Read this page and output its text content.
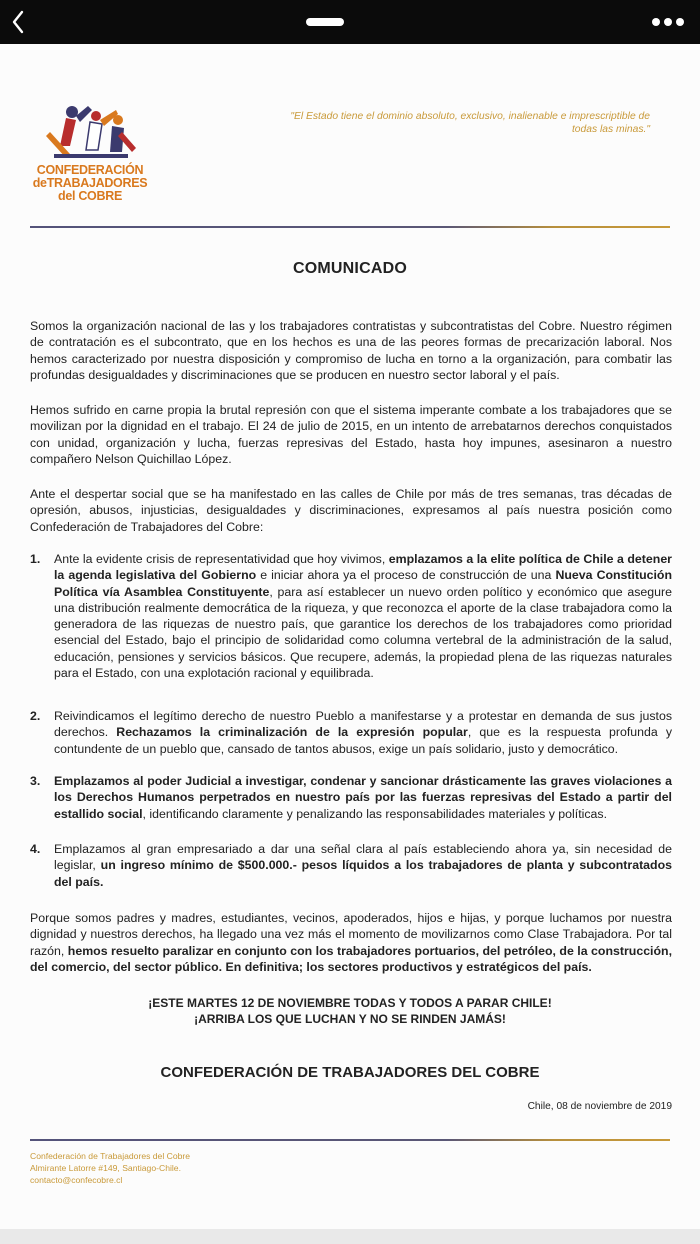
CONFEDERACIÓN
deTRABAJADORES
del COBRE
"El Estado tiene el dominio absoluto, exclusivo, inalienable e imprescriptible de
todas las minas."
COMUNICADO
Somos la organización nacional de las y los trabajadores contratistas y subcontratistas del Cobre. Nuestro régimen de contratación es el subcontrato, que en los hechos es una de las peores formas de precarización laboral. Nos hemos caracterizado por nuestra disposición y compromiso de lucha en torno a la organización, para combatir las profundas desigualdades y discriminaciones que se producen en nuestro sector laboral y el país.
Hemos sufrido en carne propia la brutal represión con que el sistema imperante combate a los trabajadores que se movilizan por la dignidad en el trabajo. El 24 de julio de 2015, en un intento de arrebatarnos derechos conquistados con unidad, organización y lucha, fuerzas represivas del Estado, hasta hoy impunes, asesinaron a nuestro compañero Nelson Quichillao López.
Ante el despertar social que se ha manifestado en las calles de Chile por más de tres semanas, tras décadas de opresión, abusos, injusticias, desigualdades y discriminaciones, expresamos al país nuestra posición como Confederación de Trabajadores del Cobre:
1. Ante la evidente crisis de representatividad que hoy vivimos, emplazamos a la elite política de Chile a detener la agenda legislativa del Gobierno e iniciar ahora ya el proceso de construcción de una Nueva Constitución Política vía Asamblea Constituyente, para así establecer un nuevo orden político y económico que asegure una distribución realmente democrática de la riqueza, y que reconozca el aporte de la clase trabajadora como la generadora de las riquezas de nuestro país, que garantice los derechos de los trabajadores como prioridad esencial del Estado, bajo el principio de solidaridad como columna vertebral de la administración de la salud, educación, pensiones y servicios básicos. Que recupere, además, la propiedad plena de las riquezas naturales para el Estado, con una explotación racional y equilibrada.
2. Reivindicamos el legítimo derecho de nuestro Pueblo a manifestarse y a protestar en demanda de sus justos derechos. Rechazamos la criminalización de la expresión popular, que es la respuesta profunda y contundente de un pueblo que, cansado de tantos abusos, exige un país solidario, justo y democrático.
3. Emplazamos al poder Judicial a investigar, condenar y sancionar drásticamente las graves violaciones a los Derechos Humanos perpetrados en nuestro país por las fuerzas represivas del Estado a partir del estallido social, identificando claramente y penalizando las responsabilidades materiales y políticas.
4. Emplazamos al gran empresariado a dar una señal clara al país estableciendo ahora ya, sin necesidad de legislar, un ingreso mínimo de $500.000.- pesos líquidos a los trabajadores de planta y subcontratados del país.
Porque somos padres y madres, estudiantes, vecinos, apoderados, hijos e hijas, y porque luchamos por nuestra dignidad y nuestros derechos, ha llegado una vez más el momento de movilizarnos como Clase Trabajadora. Por tal razón, hemos resuelto paralizar en conjunto con los trabajadores portuarios, del petróleo, de la construcción, del comercio, del sector público. En definitiva; los sectores productivos y estratégicos del país.
¡ESTE MARTES 12 DE NOVIEMBRE TODAS Y TODOS A PARAR CHILE!
¡ARRIBA LOS QUE LUCHAN Y NO SE RINDEN JAMÁS!
CONFEDERACIÓN DE TRABAJADORES DEL COBRE
Chile, 08 de noviembre de 2019
Confederación de Trabajadores del Cobre
Almirante Latorre #149, Santiago-Chile.
contacto@confecobre.cl
